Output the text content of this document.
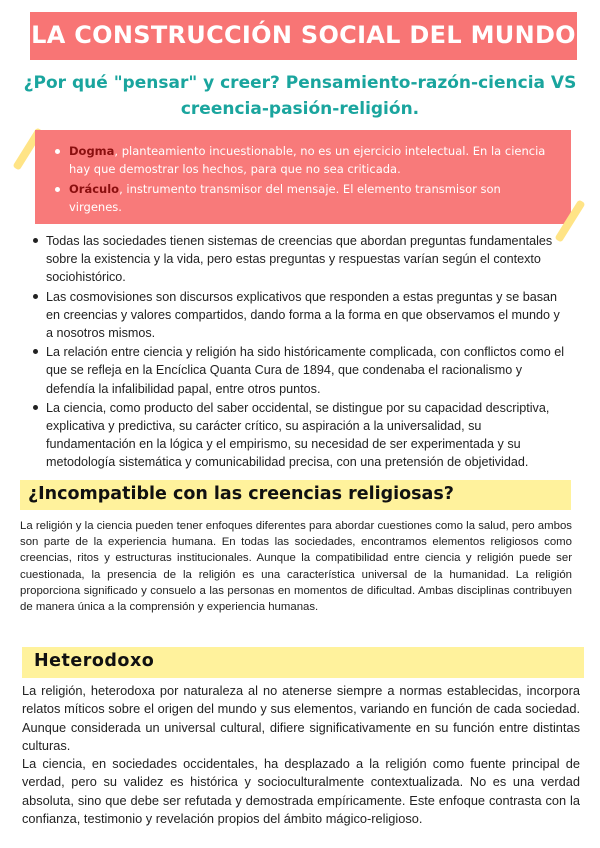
LA CONSTRUCCIÓN SOCIAL DEL MUNDO
¿Por qué "pensar" y creer? Pensamiento-razón-ciencia VS creencia-pasión-religión.
Dogma, planteamiento incuestionable, no es un ejercicio intelectual. En la ciencia hay que demostrar los hechos, para que no sea criticada.
Oráculo, instrumento transmisor del mensaje. El elemento transmisor son virgenes.
Todas las sociedades tienen sistemas de creencias que abordan preguntas fundamentales sobre la existencia y la vida, pero estas preguntas y respuestas varían según el contexto sociohistórico.
Las cosmovisiones son discursos explicativos que responden a estas preguntas y se basan en creencias y valores compartidos, dando forma a la forma en que observamos el mundo y a nosotros mismos.
La relación entre ciencia y religión ha sido históricamente complicada, con conflictos como el que se refleja en la Encíclica Quanta Cura de 1894, que condenaba el racionalismo y defendía la infalibilidad papal, entre otros puntos.
La ciencia, como producto del saber occidental, se distingue por su capacidad descriptiva, explicativa y predictiva, su carácter crítico, su aspiración a la universalidad, su fundamentación en la lógica y el empirismo, su necesidad de ser experimentada y su metodología sistemática y comunicabilidad precisa, con una pretensión de objetividad.
¿Incompatible con las creencias religiosas?
La religión y la ciencia pueden tener enfoques diferentes para abordar cuestiones como la salud, pero ambos son parte de la experiencia humana. En todas las sociedades, encontramos elementos religiosos como creencias, ritos y estructuras institucionales. Aunque la compatibilidad entre ciencia y religión puede ser cuestionada, la presencia de la religión es una característica universal de la humanidad. La religión proporciona significado y consuelo a las personas en momentos de dificultad. Ambas disciplinas contribuyen de manera única a la comprensión y experiencia humanas.
Heterodoxo
La religión, heterodoxa por naturaleza al no atenerse siempre a normas establecidas, incorpora relatos míticos sobre el origen del mundo y sus elementos, variando en función de cada sociedad. Aunque considerada un universal cultural, difiere significativamente en su función entre distintas culturas.
La ciencia, en sociedades occidentales, ha desplazado a la religión como fuente principal de verdad, pero su validez es histórica y socioculturalmente contextualizada. No es una verdad absoluta, sino que debe ser refutada y demostrada empíricamente. Este enfoque contrasta con la confianza, testimonio y revelación propios del ámbito mágico-religioso.
